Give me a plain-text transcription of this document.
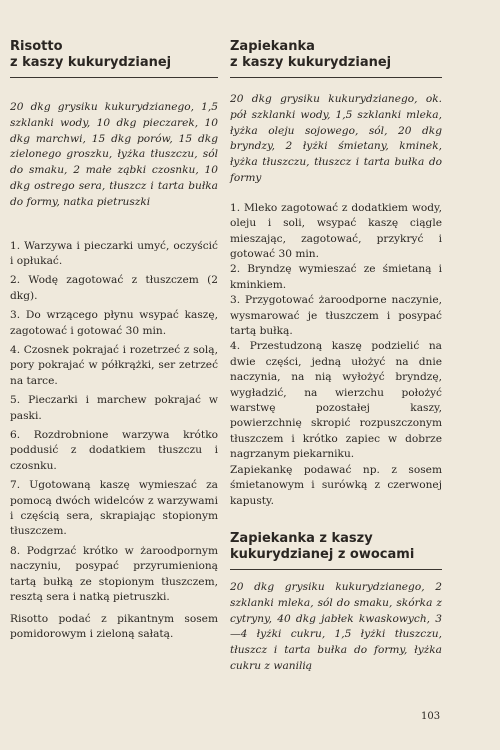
Risotto

z kaszy kukurydzianej

20 dkg grysiku kukurydzianego, 1,5 szklanki wody, 10 dkg pieczarek, 10 dkg marchwi, 15 dkg porów, 15 dkg zielonego groszku, łyżka tłuszczu, sól do smaku, 2 małe ząbki czosnku, 10 dkg ostrego sera, tłuszcz i tarta bułka do formy, natka pietruszki

1. Warzywa i pieczarki umyć, oczyścić i opłukać.
2. Wodę zagotować z tłuszczem (2 dkg).
3. Do wrzącego płynu wsypać kaszę, zagotować i gotować 30 min.
4. Czosnek pokrajać i rozetrzeć z solą, pory pokrajać w półkrążki, ser zetrzeć na tarce.
5. Pieczarki i marchew pokrajać w paski.
6. Rozdrobnione warzywa krótko poddusić z dodatkiem tłuszczu i czosnku.
7. Ugotowaną kaszę wymieszać za pomocą dwóch widelców z warzywami i częścią sera, skrapiając stopionym tłuszczem.
8. Podgrzać krótko w żaroodpornym naczyniu, posypać przyrumienioną tartą bułką ze stopionym tłuszczem, resztą sera i natką pietruszki.

Risotto podać z pikantnym sosem pomidorowym i zieloną sałatą.

Zapiekanka

z kaszy kukurydzianej

20 dkg grysiku kukurydzianego, ok. pół szklanki wody, 1,5 szklanki mleka, łyżka oleju sojowego, sól, 20 dkg bryndzy, 2 łyżki śmietany, kminek, łyżka tłuszczu, tłuszcz i tarta bułka do formy

1. Mleko zagotować z dodatkiem wody, oleju i soli, wsypać kaszę ciągle mieszając, zagotować, przykryć i gotować 30 min.
2. Bryndzę wymieszać ze śmietaną i kminkiem.
3. Przygotować żaroodporne naczynie, wysmarować je tłuszczem i posypać tartą bułką.
4. Przestudzoną kaszę podzielić na dwie części, jedną ułożyć na dnie naczynia, na nią wyłożyć bryndzę, wygładzić, na wierzchu położyć warstwę pozostałej kaszy, powierzchnię skropić rozpuszczonym tłuszczem i krótko zapiec w dobrze nagrzanym piekarniku.

Zapiekankę podawać np. z sosem śmietanowym i surówką z czerwonej kapusty.

Zapiekanka z kaszy

kukurydzianej z owocami

20 dkg grysiku kukurydzianego, 2 szklanki mleka, sól do smaku, skórka z cytryny, 40 dkg jabłek kwaskowych, 3—4 łyżki cukru, 1,5 łyżki tłuszczu, tłuszcz i tarta bułka do formy, łyżka cukru z wanilią

103
